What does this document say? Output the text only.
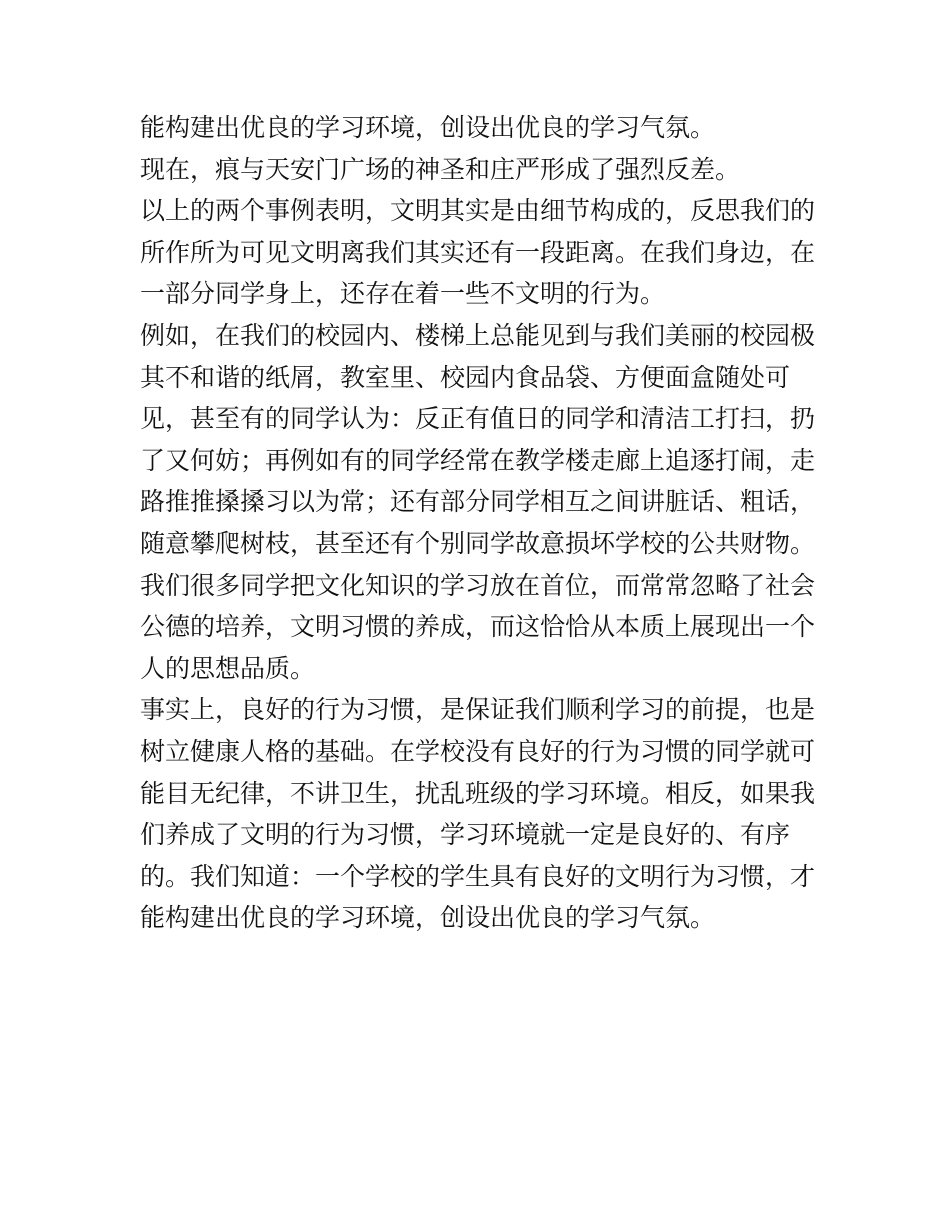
能构建出优良的学习环境，创设出优良的学习气氛。
现在，痕与天安门广场的神圣和庄严形成了强烈反差。
以上的两个事例表明，文明其实是由细节构成的，反思我们的
所作所为可见文明离我们其实还有一段距离。在我们身边，在
一部分同学身上，还存在着一些不文明的行为。
例如，在我们的校园内、楼梯上总能见到与我们美丽的校园极
其不和谐的纸屑，教室里、校园内食品袋、方便面盒随处可
见，甚至有的同学认为：反正有值日的同学和清洁工打扫，扔
了又何妨；再例如有的同学经常在教学楼走廊上追逐打闹，走
路推推搡搡习以为常；还有部分同学相互之间讲脏话、粗话，
随意攀爬树枝，甚至还有个别同学故意损坏学校的公共财物。
我们很多同学把文化知识的学习放在首位，而常常忽略了社会
公德的培养，文明习惯的养成，而这恰恰从本质上展现出一个
人的思想品质。
事实上，良好的行为习惯，是保证我们顺利学习的前提，也是
树立健康人格的基础。在学校没有良好的行为习惯的同学就可
能目无纪律，不讲卫生，扰乱班级的学习环境。相反，如果我
们养成了文明的行为习惯，学习环境就一定是良好的、有序
的。我们知道：一个学校的学生具有良好的文明行为习惯，才
能构建出优良的学习环境，创设出优良的学习气氛。
